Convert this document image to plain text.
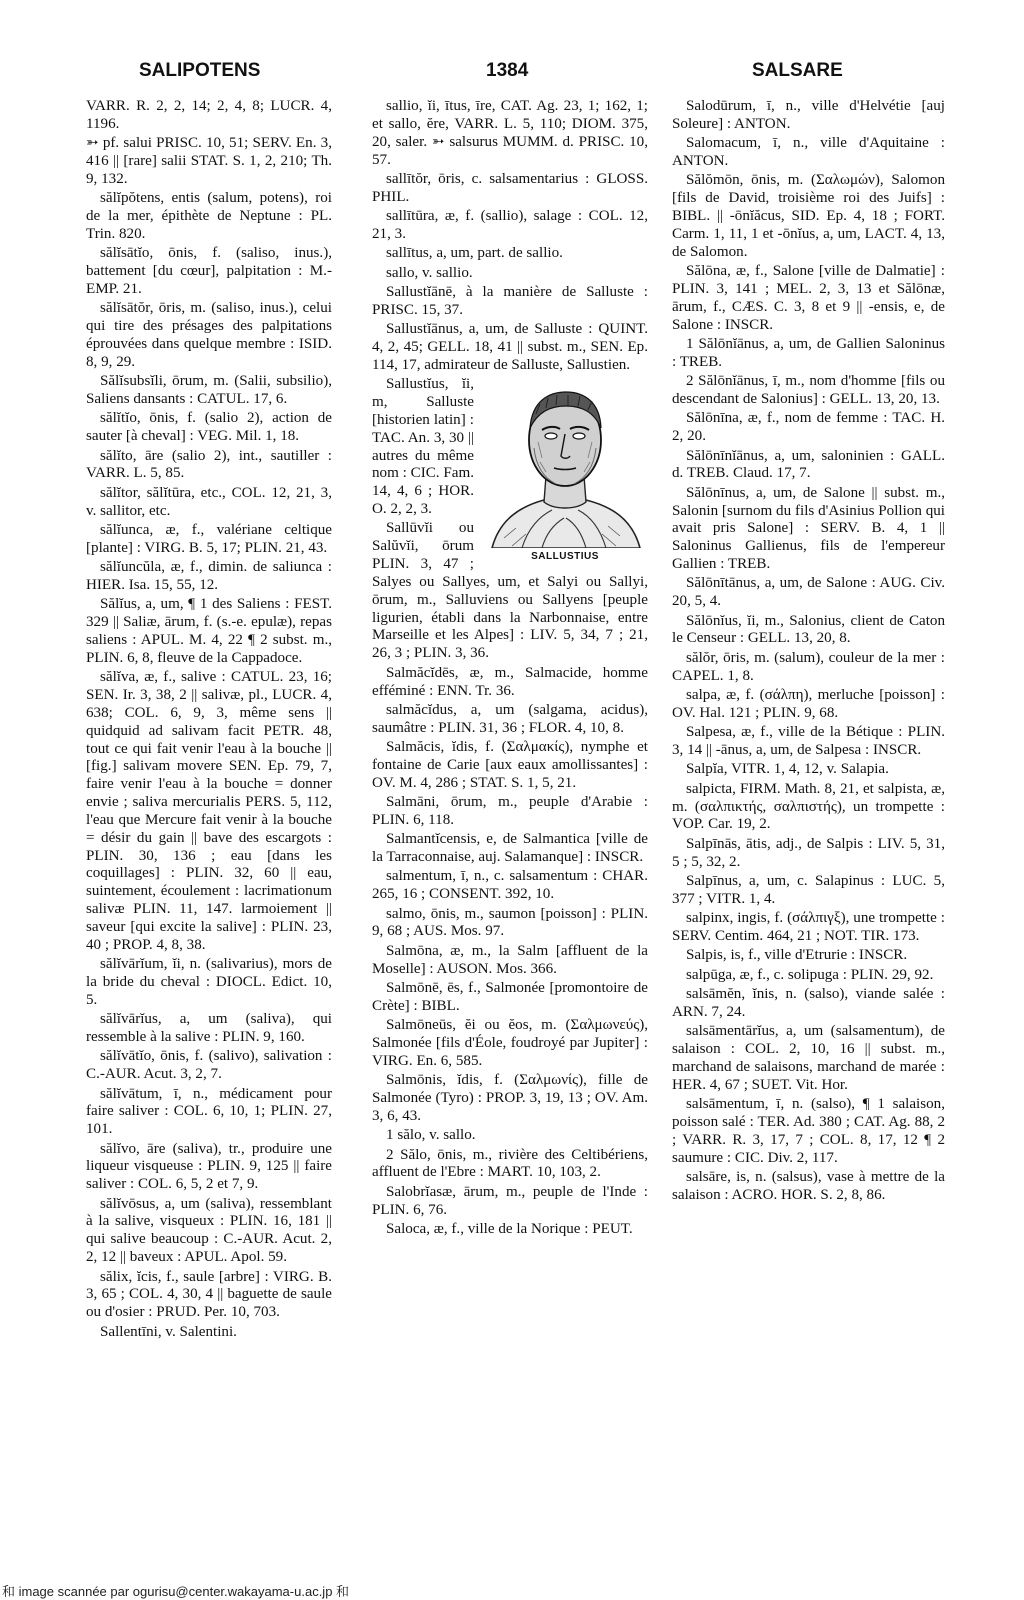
SALIPOTENS	1384	SALSARE

VARR. R. 2, 2, 14; 2, 4, 8; LUCR. 4, 1196.

➳ pf. salui PRISC. 10, 51; SERV. En. 3, 416 || [rare] salii STAT. S. 1, 2, 210; Th. 9, 132.

sălĭpŏtens, entis (salum, potens), roi de la mer, épithète de Neptune : PL. Trin. 820.

sălĭsātĭo, ōnis, f. (saliso, inus.), battement [du cœur], palpitation : M.-EMP. 21.

sălĭsātŏr, ōris, m. (saliso, inus.), celui qui tire des présages des palpitations éprouvées dans quelque membre : ISID. 8, 9, 29.

Sălĭsubsĭli, ōrum, m. (Salii, subsilio), Saliens dansants : CATUL. 17, 6.

sălĭtĭo, ōnis, f. (salio 2), action de sauter [à cheval] : VEG. Mil. 1, 18.

sălĭto, āre (salio 2), int., sautiller : VARR. L. 5, 85.

sălĭtor, sălĭtūra, etc., COL. 12, 21, 3, v. sallitor, etc.

sălĭunca, æ, f., valériane celtique [plante] : VIRG. B. 5, 17; PLIN. 21, 43.

sălĭuncŭla, æ, f., dimin. de saliunca : HIER. Isa. 15, 55, 12.

Sălĭus, a, um, ¶ 1 des Saliens : FEST. 329 || Saliæ, ārum, f. (s.-e. epulæ), repas saliens : APUL. M. 4, 22 ¶ 2 subst. m., PLIN. 6, 8, fleuve de la Cappadoce.

sălĭva, æ, f., salive : CATUL. 23, 16; SEN. Ir. 3, 38, 2 || salivæ, pl., LUCR. 4, 638; COL. 6, 9, 3, même sens || quidquid ad salivam facit PETR. 48, tout ce qui fait venir l'eau à la bouche || [fig.] salivam movere SEN. Ep. 79, 7, faire venir l'eau à la bouche = donner envie ; saliva mercurialis PERS. 5, 112, l'eau que Mercure fait venir à la bouche = désir du gain || bave des escargots : PLIN. 30, 136 ; eau [dans les coquillages] : PLIN. 32, 60 || eau, suintement, écoulement : lacrimationum salivæ PLIN. 11, 147. larmoiement || saveur [qui excite la salive] : PLIN. 23, 40 ; PROP. 4, 8, 38.

sălĭvārĭum, ĭi, n. (salivarius), mors de la bride du cheval : DIOCL. Edict. 10, 5.

sălĭvārĭus, a, um (saliva), qui ressemble à la salive : PLIN. 9, 160.

sălĭvātĭo, ōnis, f. (salivo), salivation : C.-AUR. Acut. 3, 2, 7.

sălĭvātum, ī, n., médicament pour faire saliver : COL. 6, 10, 1; PLIN. 27, 101.

sălĭvo, āre (saliva), tr., produire une liqueur visqueuse : PLIN. 9, 125 || faire saliver : COL. 6, 5, 2 et 7, 9.

sălĭvōsus, a, um (saliva), ressemblant à la salive, visqueux : PLIN. 16, 181 || qui salive beaucoup : C.-AUR. Acut. 2, 2, 12 || baveux : APUL. Apol. 59.

sălix, ĭcis, f., saule [arbre] : VIRG. B. 3, 65 ; COL. 4, 30, 4 || baguette de saule ou d'osier : PRUD. Per. 10, 703.

Sallentīni, v. Salentini.

sallio, ĭi, ītus, īre, CAT. Ag. 23, 1; 162, 1; et sallo, ĕre, VARR. L. 5, 110; DIOM. 375, 20, saler. ➳ salsurus MUMM. d. PRISC. 10, 57.

sallītŏr, ōris, c. salsamentarius : GLOSS. PHIL.

sallītūra, æ, f. (sallio), salage : COL. 12, 21, 3.

sallītus, a, um, part. de sallio.

sallo, v. sallio.

Sallustĭānē, à la manière de Salluste : PRISC. 15, 37.

Sallustĭānus, a, um, de Salluste : QUINT. 4, 2, 45; GELL. 18, 41 || subst. m., SEN. Ep. 114, 17, admirateur de Salluste, Sallustien.

SALLUSTIUS

Sallustĭus, ĭi, m, Salluste [historien latin] : TAC. An. 3, 30 || autres du même nom : CIC. Fam. 14, 4, 6 ; HOR. O. 2, 2, 3.

Sallūvĭi ou Salŭvĭi, ōrum PLIN. 3, 47 ; Salyes ou Sallyes, um, et Salyi ou Sallyi, ōrum, m., Salluviens ou Sallyens [peuple ligurien, établi dans la Narbonnaise, entre Marseille et les Alpes] : LIV. 5, 34, 7 ; 21, 26, 3 ; PLIN. 3, 36.

Salmăcĭdēs, æ, m., Salmacide, homme efféminé : ENN. Tr. 36.

salmăcĭdus, a, um (salgama, acidus), saumâtre : PLIN. 31, 36 ; FLOR. 4, 10, 8.

Salmăcis, ĭdis, f. (Σαλμακίς), nymphe et fontaine de Carie [aux eaux amollissantes] : OV. M. 4, 286 ; STAT. S. 1, 5, 21.

Salmāni, ōrum, m., peuple d'Arabie : PLIN. 6, 118.

Salmantĭcensis, e, de Salmantica [ville de la Tarraconnaise, auj. Salamanque] : INSCR.

salmentum, ī, n., c. salsamentum : CHAR. 265, 16 ; CONSENT. 392, 10.

salmo, ōnis, m., saumon [poisson] : PLIN. 9, 68 ; AUS. Mos. 97.

Salmōna, æ, m., la Salm [affluent de la Moselle] : AUSON. Mos. 366.

Salmōnē, ēs, f., Salmonée [promontoire de Crète] : BIBL.

Salmōneūs, ĕi ou ĕos, m. (Σαλμωνεύς), Salmonée [fils d'Éole, foudroyé par Jupiter] : VIRG. En. 6, 585.

Salmōnis, ĭdis, f. (Σαλμωνίς), fille de Salmonée (Tyro) : PROP. 3, 19, 13 ; OV. Am. 3, 6, 43.

1 sălo, v. sallo.

2 Sălo, ōnis, m., rivière des Celtibériens, affluent de l'Ebre : MART. 10, 103, 2.

Salobrĭasæ, ārum, m., peuple de l'Inde : PLIN. 6, 76.

Saloca, æ, f., ville de la Norique : PEUT.

Salodūrum, ī, n., ville d'Helvétie [auj Soleure] : ANTON.

Salomacum, ī, n., ville d'Aquitaine : ANTON.

Sălŏmōn, ōnis, m. (Σαλωμών), Salomon [fils de David, troisième roi des Juifs] : BIBL. || -ōnĭăcus, SID. Ep. 4, 18 ; FORT. Carm. 1, 11, 1 et -ōnĭus, a, um, LACT. 4, 13, de Salomon.

Sălōna, æ, f., Salone [ville de Dalmatie] : PLIN. 3, 141 ; MEL. 2, 3, 13 et Sălōnæ, ārum, f., CÆS. C. 3, 8 et 9 || -ensis, e, de Salone : INSCR.

1 Sălōnĭānus, a, um, de Gallien Saloninus : TREB.

2 Sălōnĭānus, ī, m., nom d'homme [fils ou descendant de Salonius] : GELL. 13, 20, 13.

Sălōnīna, æ, f., nom de femme : TAC. H. 2, 20.

Sălōnīnĭānus, a, um, saloninien : GALL. d. TREB. Claud. 17, 7.

Sălōnīnus, a, um, de Salone || subst. m., Salonin [surnom du fils d'Asinius Pollion qui avait pris Salone] : SERV. B. 4, 1 || Saloninus Gallienus, fils de l'empereur Gallien : TREB.

Sălōnītānus, a, um, de Salone : AUG. Civ. 20, 5, 4.

Sălōnĭus, ĭi, m., Salonius, client de Caton le Censeur : GELL. 13, 20, 8.

sălŏr, ōris, m. (salum), couleur de la mer : CAPEL. 1, 8.

salpa, æ, f. (σάλπη), merluche [poisson] : OV. Hal. 121 ; PLIN. 9, 68.

Salpesa, æ, f., ville de la Bétique : PLIN. 3, 14 || -ānus, a, um, de Salpesa : INSCR.

Salpĭa, VITR. 1, 4, 12, v. Salapia.

salpicta, FIRM. Math. 8, 21, et salpista, æ, m. (σαλπικτής, σαλπιστής), un trompette : VOP. Car. 19, 2.

Salpīnās, ātis, adj., de Salpis : LIV. 5, 31, 5 ; 5, 32, 2.

Salpīnus, a, um, c. Salapinus : LUC. 5, 377 ; VITR. 1, 4.

salpinx, ingis, f. (σάλπιγξ), une trompette : SERV. Centim. 464, 21 ; NOT. TIR. 173.

Salpis, is, f., ville d'Etrurie : INSCR.

salpūga, æ, f., c. solipuga : PLIN. 29, 92.

salsāmĕn, ĭnis, n. (salso), viande salée : ARN. 7, 24.

salsāmentārĭus, a, um (salsamentum), de salaison : COL. 2, 10, 16 || subst. m., marchand de salaisons, marchand de marée : HER. 4, 67 ; SUET. Vit. Hor.

salsāmentum, ī, n. (salso), ¶ 1 salaison, poisson salé : TER. Ad. 380 ; CAT. Ag. 88, 2 ; VARR. R. 3, 17, 7 ; COL. 8, 17, 12 ¶ 2 saumure : CIC. Div. 2, 117.

salsāre, is, n. (salsus), vase à mettre de la salaison : ACRO. HOR. S. 2, 8, 86.

和 image scannée par ogurisu@center.wakayama-u.ac.jp 和
